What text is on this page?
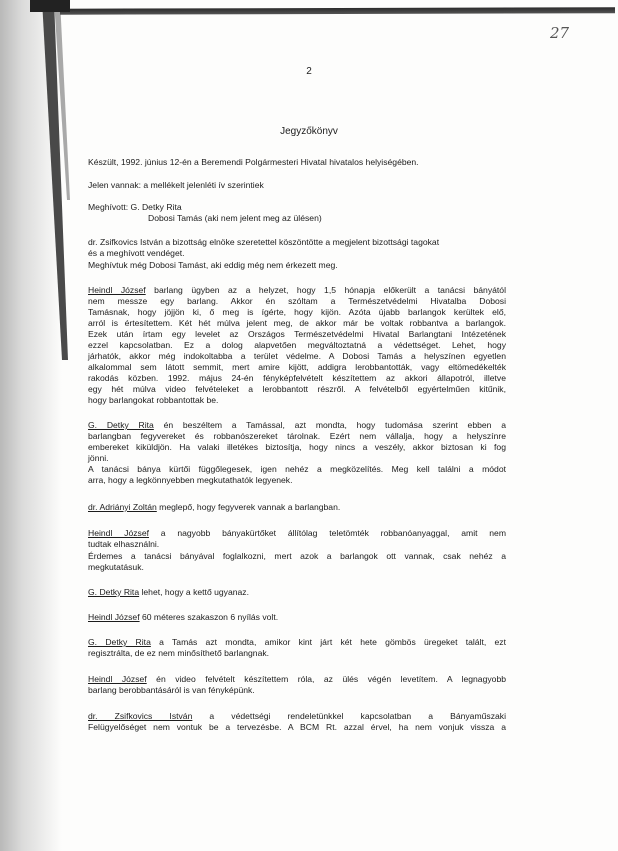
27
2
Jegyzőkönyv
Készült, 1992. június 12-én a Beremendi Polgármesteri Hivatal hivatalos helyiségében.
Jelen vannak: a mellékelt jelenléti ív szerintiek
Meghívott: G. Detky Rita
Dobosi Tamás (aki nem jelent meg az ülésen)
dr. Zsifkovics István a bizottság elnöke szeretettel köszöntötte a megjelent bizottsági tagokat
és a meghívott vendéget.
Meghívtuk még Dobosi Tamást, aki eddig még nem érkezett meg.
Heindl József barlang ügyben az a helyzet, hogy 1,5 hónapja előkerült a tanácsi bányától
nem messze egy barlang. Akkor én szóltam a Természetvédelmi Hivatalba Dobosi
Tamásnak, hogy jöjjön ki, ő meg is ígérte, hogy kijön. Azóta újabb barlangok kerültek elő,
arról is értesítettem. Két hét múlva jelent meg, de akkor már be voltak robbantva a barlangok.
Ezek után írtam egy levelet az Országos Természetvédelmi Hivatal Barlangtani Intézetének
ezzel kapcsolatban. Ez a dolog alapvetően megváltoztatná a védettséget. Lehet, hogy
járhatók, akkor még indokoltabba a terület védelme. A Dobosi Tamás a helyszínen egyetlen
alkalommal sem látott semmit, mert amire kijött, addigra lerobbantották, vagy eltömedékelték
rakodás közben. 1992. május 24-én fényképfelvételt készítettem az akkori állapotról, illetve
egy hét múlva video felvételeket a lerobbantott részről. A felvételből egyértelműen kitűnik,
hogy barlangokat robbantottak be.
G. Detky Rita én beszéltem a Tamással, azt mondta, hogy tudomása szerint ebben a
barlangban fegyvereket és robbanószereket tárolnak. Ezért nem vállalja, hogy a helyszínre
embereket kiküldjön. Ha valaki illetékes biztosítja, hogy nincs a veszély, akkor biztosan ki fog
jönni.
A tanácsi bánya kürtői függőlegesek, igen nehéz a megközelítés. Meg kell találni a módot
arra, hogy a legkönnyebben megkutathatók legyenek.
dr. Adriányi Zoltán meglepő, hogy fegyverek vannak a barlangban.
Heindl József a nagyobb bányakürtőket állítólag teletömték robbanóanyaggal, amit nem
tudtak elhasználni.
Érdemes a tanácsi bányával foglalkozni, mert azok a barlangok ott vannak, csak nehéz a
megkutatásuk.
G. Detky Rita lehet, hogy a kettő ugyanaz.
Heindl József 60 méteres szakaszon 6 nyílás volt.
G. Detky Rita a Tamás azt mondta, amikor kint járt két hete gömbös üregeket talált, ezt
regisztrálta, de ez nem minősíthető barlangnak.
Heindl József én video felvételt készítettem róla, az ülés végén levetítem. A legnagyobb
barlang berobbantásáról is van fényképünk.
dr. Zsifkovics István a védettségi rendeletünkkel kapcsolatban a Bányaműszaki
Felügyelőséget nem vontuk be a tervezésbe. A BCM Rt. azzal érvel, ha nem vonjuk vissza a
